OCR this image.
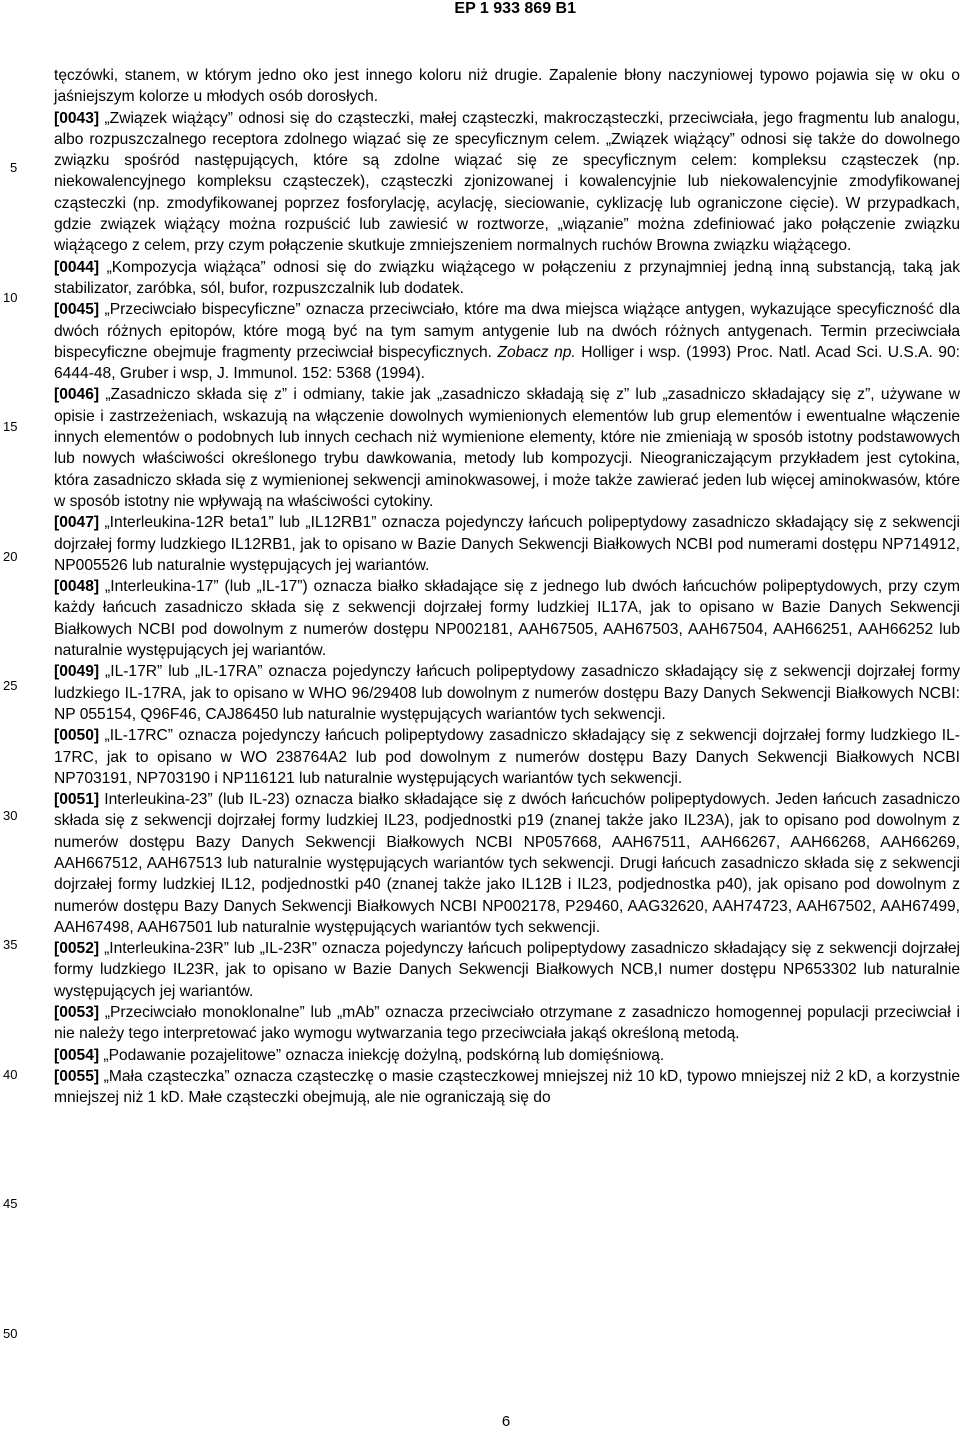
EP 1 933 869 B1
5
10
15
20
25
30
35
40
45
50

tęczówki, stanem, w którym jedno oko jest innego koloru niż drugie. Zapalenie błony naczyniowej typowo pojawia się w oku o jaśniejszym kolorze u młodych osób dorosłych.

[0043] „Związek wiążący” odnosi się do cząsteczki, małej cząsteczki, makrocząsteczki, przeciwciała, jego fragmentu lub analogu, albo rozpuszczalnego receptora zdolnego wiązać się ze specyficznym celem. „Związek wiążący” odnosi się także do dowolnego związku spośród następujących, które są zdolne wiązać się ze specyficznym celem: kompleksu cząsteczek (np. niekowalencyjnego kompleksu cząsteczek), cząsteczki zjonizowanej i kowalencyjnie lub niekowalencyjnie zmodyfikowanej cząsteczki (np. zmodyfikowanej poprzez fosforylację, acylację, sieciowanie, cyklizację lub ograniczone cięcie). W przypadkach, gdzie związek wiążący można rozpuścić lub zawiesić w roztworze, „wiązanie” można zdefiniować jako połączenie związku wiążącego z celem, przy czym połączenie skutkuje zmniejszeniem normalnych ruchów Browna związku wiążącego.

[0044] „Kompozycja wiążąca” odnosi się do związku wiążącego w połączeniu z przynajmniej jedną inną substancją, taką jak stabilizator, zaróbka, sól, bufor, rozpuszczalnik lub dodatek.

[0045] „Przeciwciało bispecyficzne” oznacza przeciwciało, które ma dwa miejsca wiążące antygen, wykazujące specyficzność dla dwóch różnych epitopów, które mogą być na tym samym antygenie lub na dwóch różnych antygenach. Termin przeciwciała bispecyficzne obejmuje fragmenty przeciwciał bispecyficznych. Zobacz np. Holliger i wsp. (1993) Proc. Natl. Acad Sci. U.S.A. 90: 6444-48, Gruber i wsp, J. Immunol. 152: 5368 (1994).

[0046] „Zasadniczo składa się z” i odmiany, takie jak „zasadniczo składają się z” lub „zasadniczo składający się z”, używane w opisie i zastrzeżeniach, wskazują na włączenie dowolnych wymienionych elementów lub grup elementów i ewentualne włączenie innych elementów o podobnych lub innych cechach niż wymienione elementy, które nie zmieniają w sposób istotny podstawowych lub nowych właściwości określonego trybu dawkowania, metody lub kompozycji. Nieograniczającym przykładem jest cytokina, która zasadniczo składa się z wymienionej sekwencji aminokwasowej, i może także zawierać jeden lub więcej aminokwasów, które w sposób istotny nie wpływają na właściwości cytokiny.

[0047] „Interleukina-12R beta1” lub „IL12RB1” oznacza pojedynczy łańcuch polipeptydowy zasadniczo składający się z sekwencji dojrzałej formy ludzkiego IL12RB1, jak to opisano w Bazie Danych Sekwencji Białkowych NCBI pod numerami dostępu NP714912, NP005526 lub naturalnie występujących jej wariantów.

[0048] „Interleukina-17” (lub „IL-17”) oznacza białko składające się z jednego lub dwóch łańcuchów polipeptydowych, przy czym każdy łańcuch zasadniczo składa się z sekwencji dojrzałej formy ludzkiej IL17A, jak to opisano w Bazie Danych Sekwencji Białkowych NCBI pod dowolnym z numerów dostępu NP002181, AAH67505, AAH67503, AAH67504, AAH66251, AAH66252 lub naturalnie występujących jej wariantów.

[0049] „IL-17R” lub „IL-17RA” oznacza pojedynczy łańcuch polipeptydowy zasadniczo składający się z sekwencji dojrzałej formy ludzkiego IL-17RA, jak to opisano w WHO 96/29408 lub dowolnym z numerów dostępu Bazy Danych Sekwencji Białkowych NCBI: NP 055154, Q96F46, CAJ86450 lub naturalnie występujących wariantów tych sekwencji.

[0050] „IL-17RC” oznacza pojedynczy łańcuch polipeptydowy zasadniczo składający się z sekwencji dojrzałej formy ludzkiego IL-17RC, jak to opisano w WO 238764A2 lub pod dowolnym z numerów dostępu Bazy Danych Sekwencji Białkowych NCBI NP703191, NP703190 i NP116121 lub naturalnie występujących wariantów tych sekwencji.

[0051] Interleukina-23” (lub IL-23) oznacza białko składające się z dwóch łańcuchów polipeptydowych. Jeden łańcuch zasadniczo składa się z sekwencji dojrzałej formy ludzkiej IL23, podjednostki p19 (znanej także jako IL23A), jak to opisano pod dowolnym z numerów dostępu Bazy Danych Sekwencji Białkowych NCBI NP057668, AAH67511, AAH66267, AAH66268, AAH66269, AAH667512, AAH67513 lub naturalnie występujących wariantów tych sekwencji. Drugi łańcuch zasadniczo składa się z sekwencji dojrzałej formy ludzkiej IL12, podjednostki p40 (znanej także jako IL12B i IL23, podjednostka p40), jak opisano pod dowolnym z numerów dostępu Bazy Danych Sekwencji Białkowych NCBI NP002178, P29460, AAG32620, AAH74723, AAH67502, AAH67499, AAH67498, AAH67501 lub naturalnie występujących wariantów tych sekwencji.

[0052] „Interleukina-23R” lub „IL-23R” oznacza pojedynczy łańcuch polipeptydowy zasadniczo składający się z sekwencji dojrzałej formy ludzkiego IL23R, jak to opisano w Bazie Danych Sekwencji Białkowych NCB,I numer dostępu NP653302 lub naturalnie występujących jej wariantów.

[0053] „Przeciwciało monoklonalne” lub „mAb” oznacza przeciwciało otrzymane z zasadniczo homogennej populacji przeciwciał i nie należy tego interpretować jako wymogu wytwarzania tego przeciwciała jakąś określoną metodą.

[0054] „Podawanie pozajelitowe” oznacza iniekcję dożylną, podskórną lub domięśniową.

[0055] „Mała cząsteczka” oznacza cząsteczkę o masie cząsteczkowej mniejszej niż 10 kD, typowo mniejszej niż 2 kD, a korzystnie mniejszej niż 1 kD. Małe cząsteczki obejmują, ale nie ograniczają się do

6
